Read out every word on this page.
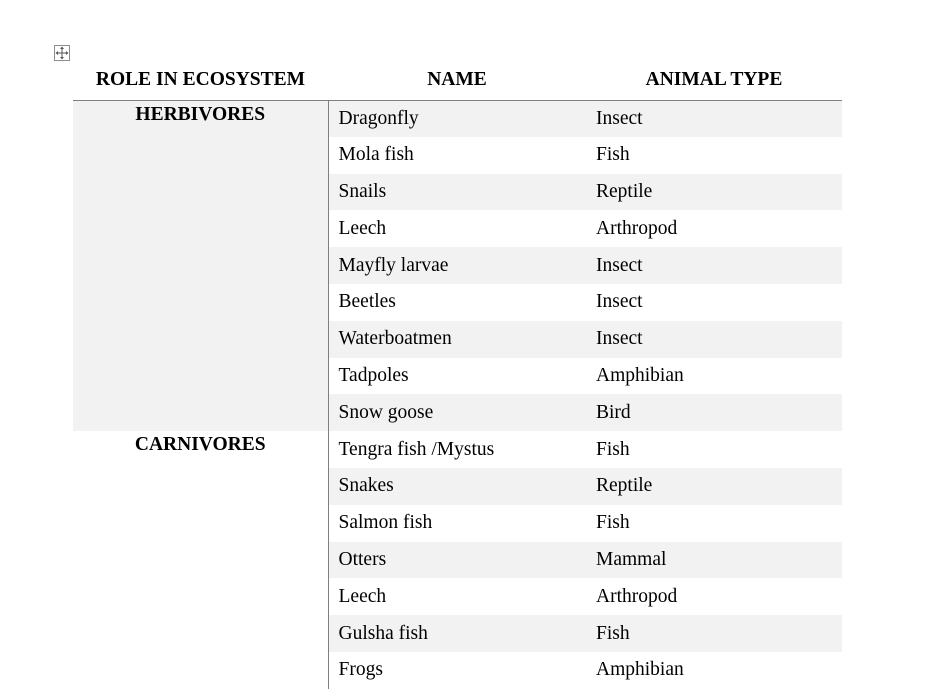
ROLE IN ECOSYSTEM	NAME	ANIMAL TYPE
HERBIVORES	Dragonfly	Insect
	Mola fish	Fish
	Snails	Reptile
	Leech	Arthropod
	Mayfly larvae	Insect
	Beetles	Insect
	Waterboatmen	Insect
	Tadpoles	Amphibian
	Snow goose	Bird
CARNIVORES	Tengra fish /Mystus	Fish
	Snakes	Reptile
	Salmon fish	Fish
	Otters	Mammal
	Leech	Arthropod
	Gulsha fish	Fish
	Frogs	Amphibian
